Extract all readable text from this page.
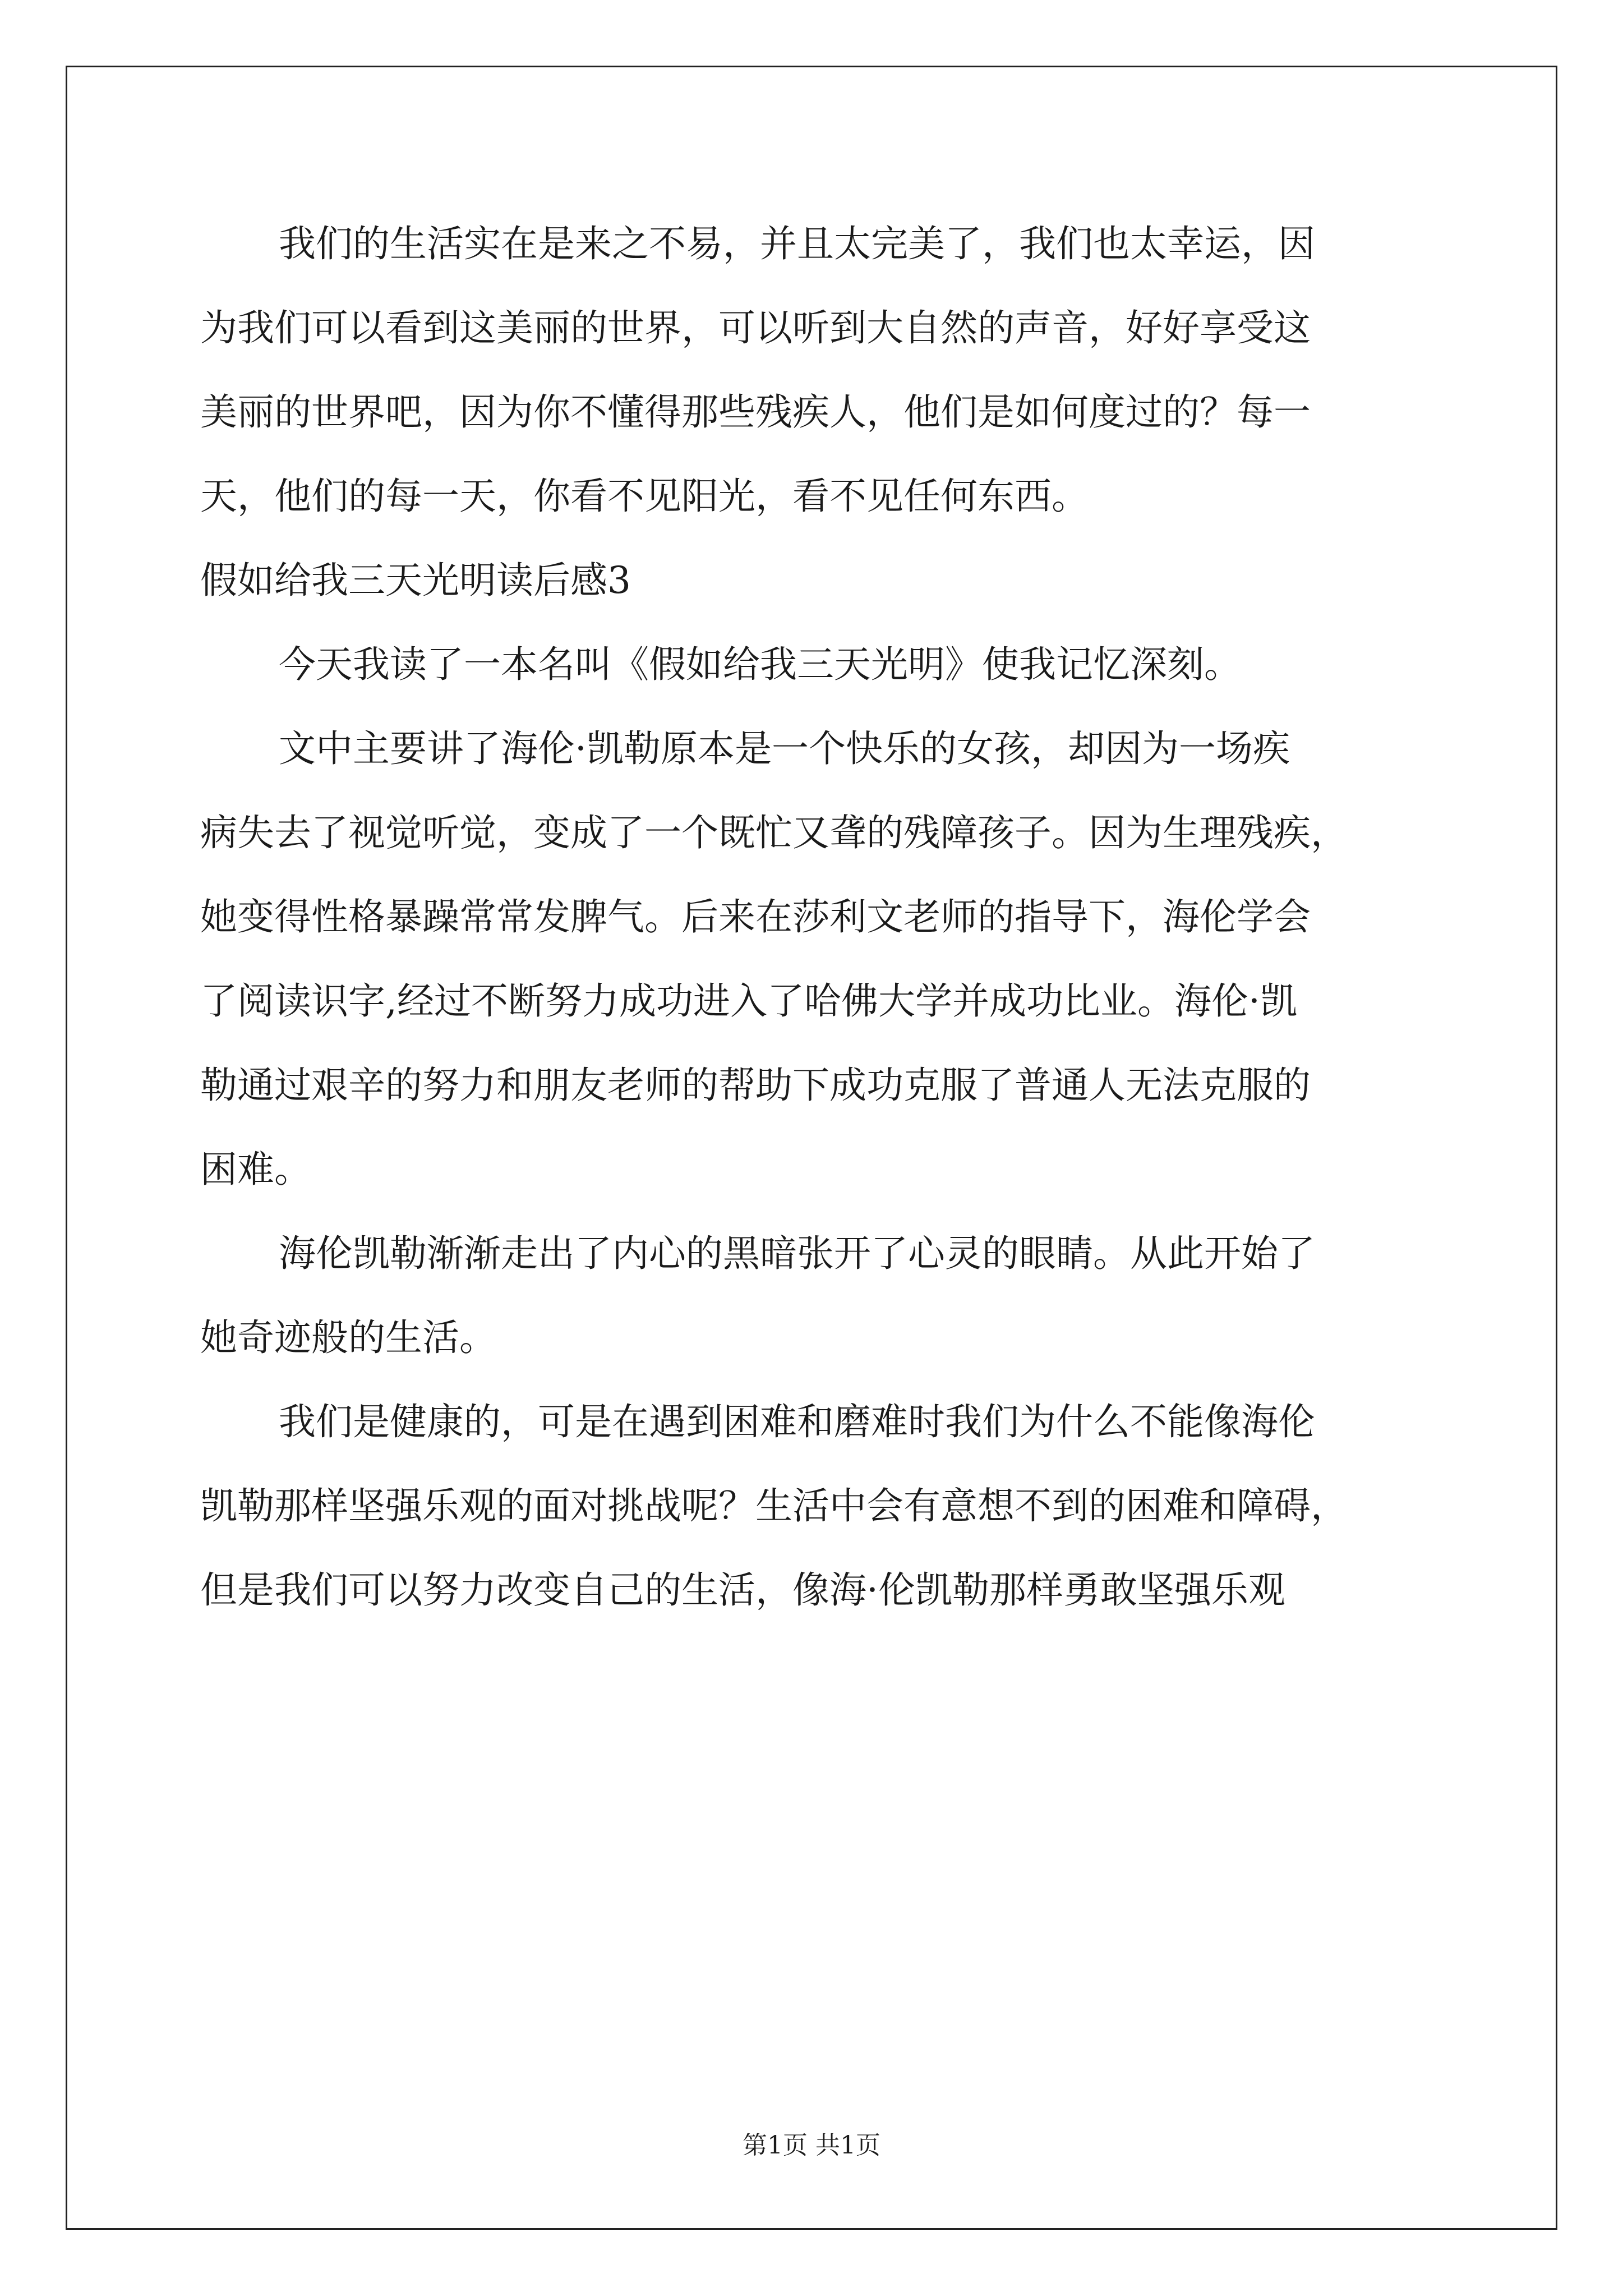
我们的生活实在是来之不易，并且太完美了，我们也太幸运，因
为我们可以看到这美丽的世界，可以听到大自然的声音，好好享受这
美丽的世界吧，因为你不懂得那些残疾人，他们是如何度过的？每一
天，他们的每一天，你看不见阳光，看不见任何东西。
假如给我三天光明读后感3
今天我读了一本名叫《假如给我三天光明》使我记忆深刻。
文中主要讲了海伦·凯勒原本是一个快乐的女孩，却因为一场疾
病失去了视觉听觉，变成了一个既忙又聋的残障孩子。因为生理残疾，
她变得性格暴躁常常发脾气。后来在莎利文老师的指导下，海伦学会
了阅读识字,经过不断努力成功进入了哈佛大学并成功比业。海伦·凯
勒通过艰辛的努力和朋友老师的帮助下成功克服了普通人无法克服的
困难。
海伦凯勒渐渐走出了内心的黑暗张开了心灵的眼睛。从此开始了
她奇迹般的生活。
我们是健康的，可是在遇到困难和磨难时我们为什么不能像海伦
凯勒那样坚强乐观的面对挑战呢？生活中会有意想不到的困难和障碍，
但是我们可以努力改变自己的生活，像海·伦凯勒那样勇敢坚强乐观
第1页 共1页
